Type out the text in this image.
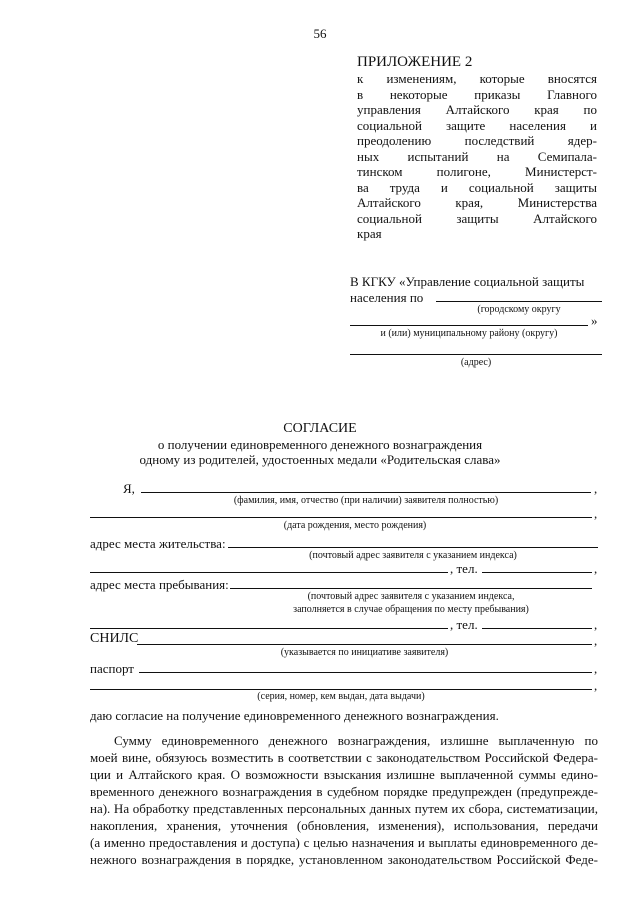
56
ПРИЛОЖЕНИЕ 2
к изменениям, которые вносятся
в некоторые приказы Главного
управления Алтайского края по
социальной защите населения и
преодолению последствий ядер-
ных испытаний на Семипала-
тинском полигоне, Министерст-
ва труда и социальной защиты
Алтайского края, Министерства
социальной защиты Алтайского
края
В КГКУ «Управление социальной защиты
населения по
(городскому округу
»
и (или) муниципальному району (округу)
(адрес)
СОГЛАСИЕ
о получении единовременного денежного вознаграждения
одному из родителей, удостоенных медали «Родительская слава»
Я,	,
(фамилия, имя, отчество (при наличии) заявителя полностью)
,
(дата рождения, место рождения)
адрес места жительства:
(почтовый адрес заявителя с указанием индекса)
, тел.	,
адрес места пребывания:
(почтовый адрес заявителя с указанием индекса,
заполняется в случае обращения по месту пребывания)
, тел.	,
СНИЛС	,
(указывается по инициативе заявителя)
паспорт	,
,
(серия, номер, кем выдан, дата выдачи)
даю согласие на получение единовременного денежного вознаграждения.
Сумму единовременного денежного вознаграждения, излишне выплаченную по
моей вине, обязуюсь возместить в соответствии с законодательством Российской Федера-
ции и Алтайского края. О возможности взыскания излишне выплаченной суммы едино-
временного денежного вознаграждения в судебном порядке предупрежден (предупрежде-
на). На обработку представленных персональных данных путем их сбора, систематизации,
накопления, хранения, уточнения (обновления, изменения), использования, передачи
(а именно предоставления и доступа) с целью назначения и выплаты единовременного де-
нежного вознаграждения в порядке, установленном законодательством Российской Феде-
